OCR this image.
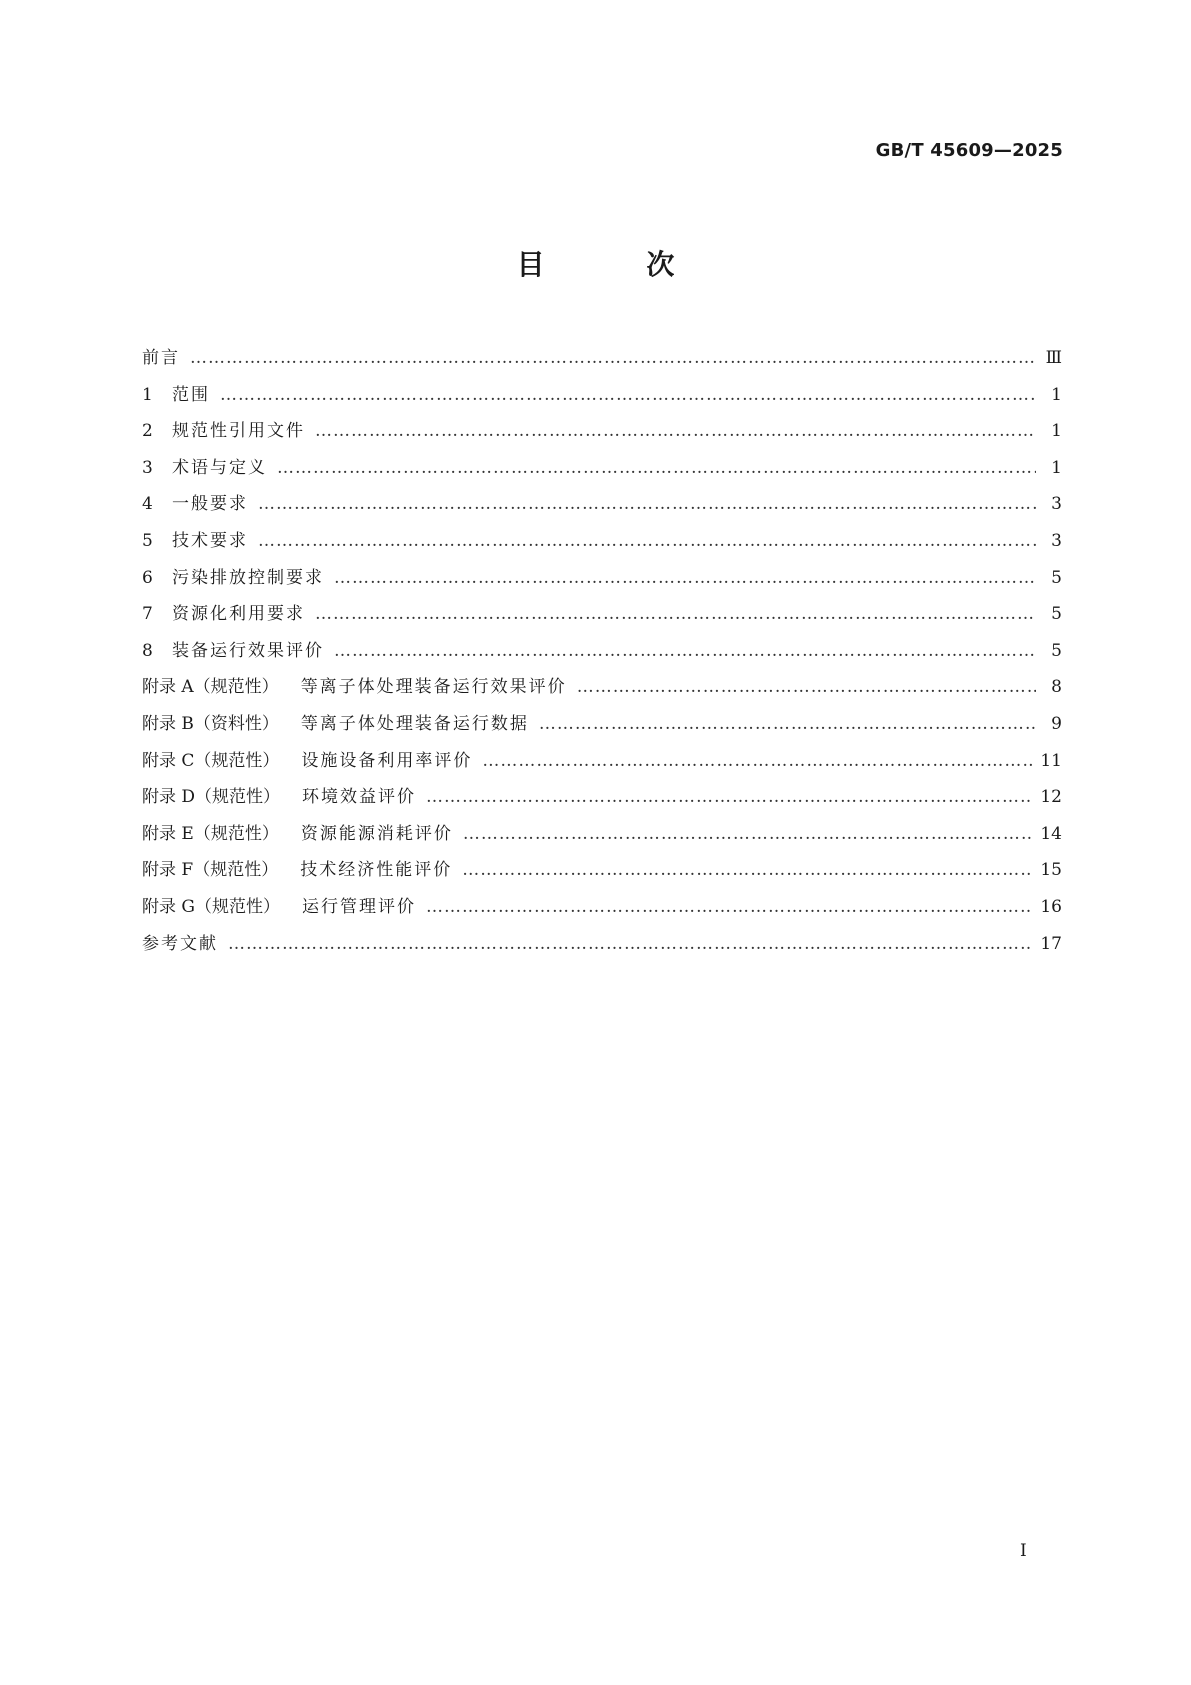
GB/T 45609—2025
目 次
前言 ………………………………………………………………………………………………………………………………………………………………………………………………………………………………………………	Ⅲ
1	范围 ………………………………………………………………………………………………………………………………………………………………………………………………………………………………………………	1
2	规范性引用文件 ………………………………………………………………………………………………………………………………………………………………………………………………………………………………………………	1
3	术语与定义 ………………………………………………………………………………………………………………………………………………………………………………………………………………………………………………	1
4	一般要求 ………………………………………………………………………………………………………………………………………………………………………………………………………………………………………………	3
5	技术要求 ………………………………………………………………………………………………………………………………………………………………………………………………………………………………………………	3
6	污染排放控制要求 ………………………………………………………………………………………………………………………………………………………………………………………………………………………………………………	5
7	资源化利用要求 ………………………………………………………………………………………………………………………………………………………………………………………………………………………………………………	5
8	装备运行效果评价 ………………………………………………………………………………………………………………………………………………………………………………………………………………………………………………	5
附录 A（规范性） 等离子体处理装备运行效果评价 ………………………………………………………………………………………………………………………………………………………………………………………………………………………………………………	8
附录 B（资料性） 等离子体处理装备运行数据 ………………………………………………………………………………………………………………………………………………………………………………………………………………………………………………	9
附录 C（规范性） 设施设备利用率评价 ………………………………………………………………………………………………………………………………………………………………………………………………………………………………………………	11
附录 D（规范性） 环境效益评价 ………………………………………………………………………………………………………………………………………………………………………………………………………………………………………………	12
附录 E（规范性） 资源能源消耗评价 ………………………………………………………………………………………………………………………………………………………………………………………………………………………………………………	14
附录 F（规范性） 技术经济性能评价 ………………………………………………………………………………………………………………………………………………………………………………………………………………………………………………	15
附录 G（规范性） 运行管理评价 ………………………………………………………………………………………………………………………………………………………………………………………………………………………………………………	16
参考文献 ………………………………………………………………………………………………………………………………………………………………………………………………………………………………………………	17
I
